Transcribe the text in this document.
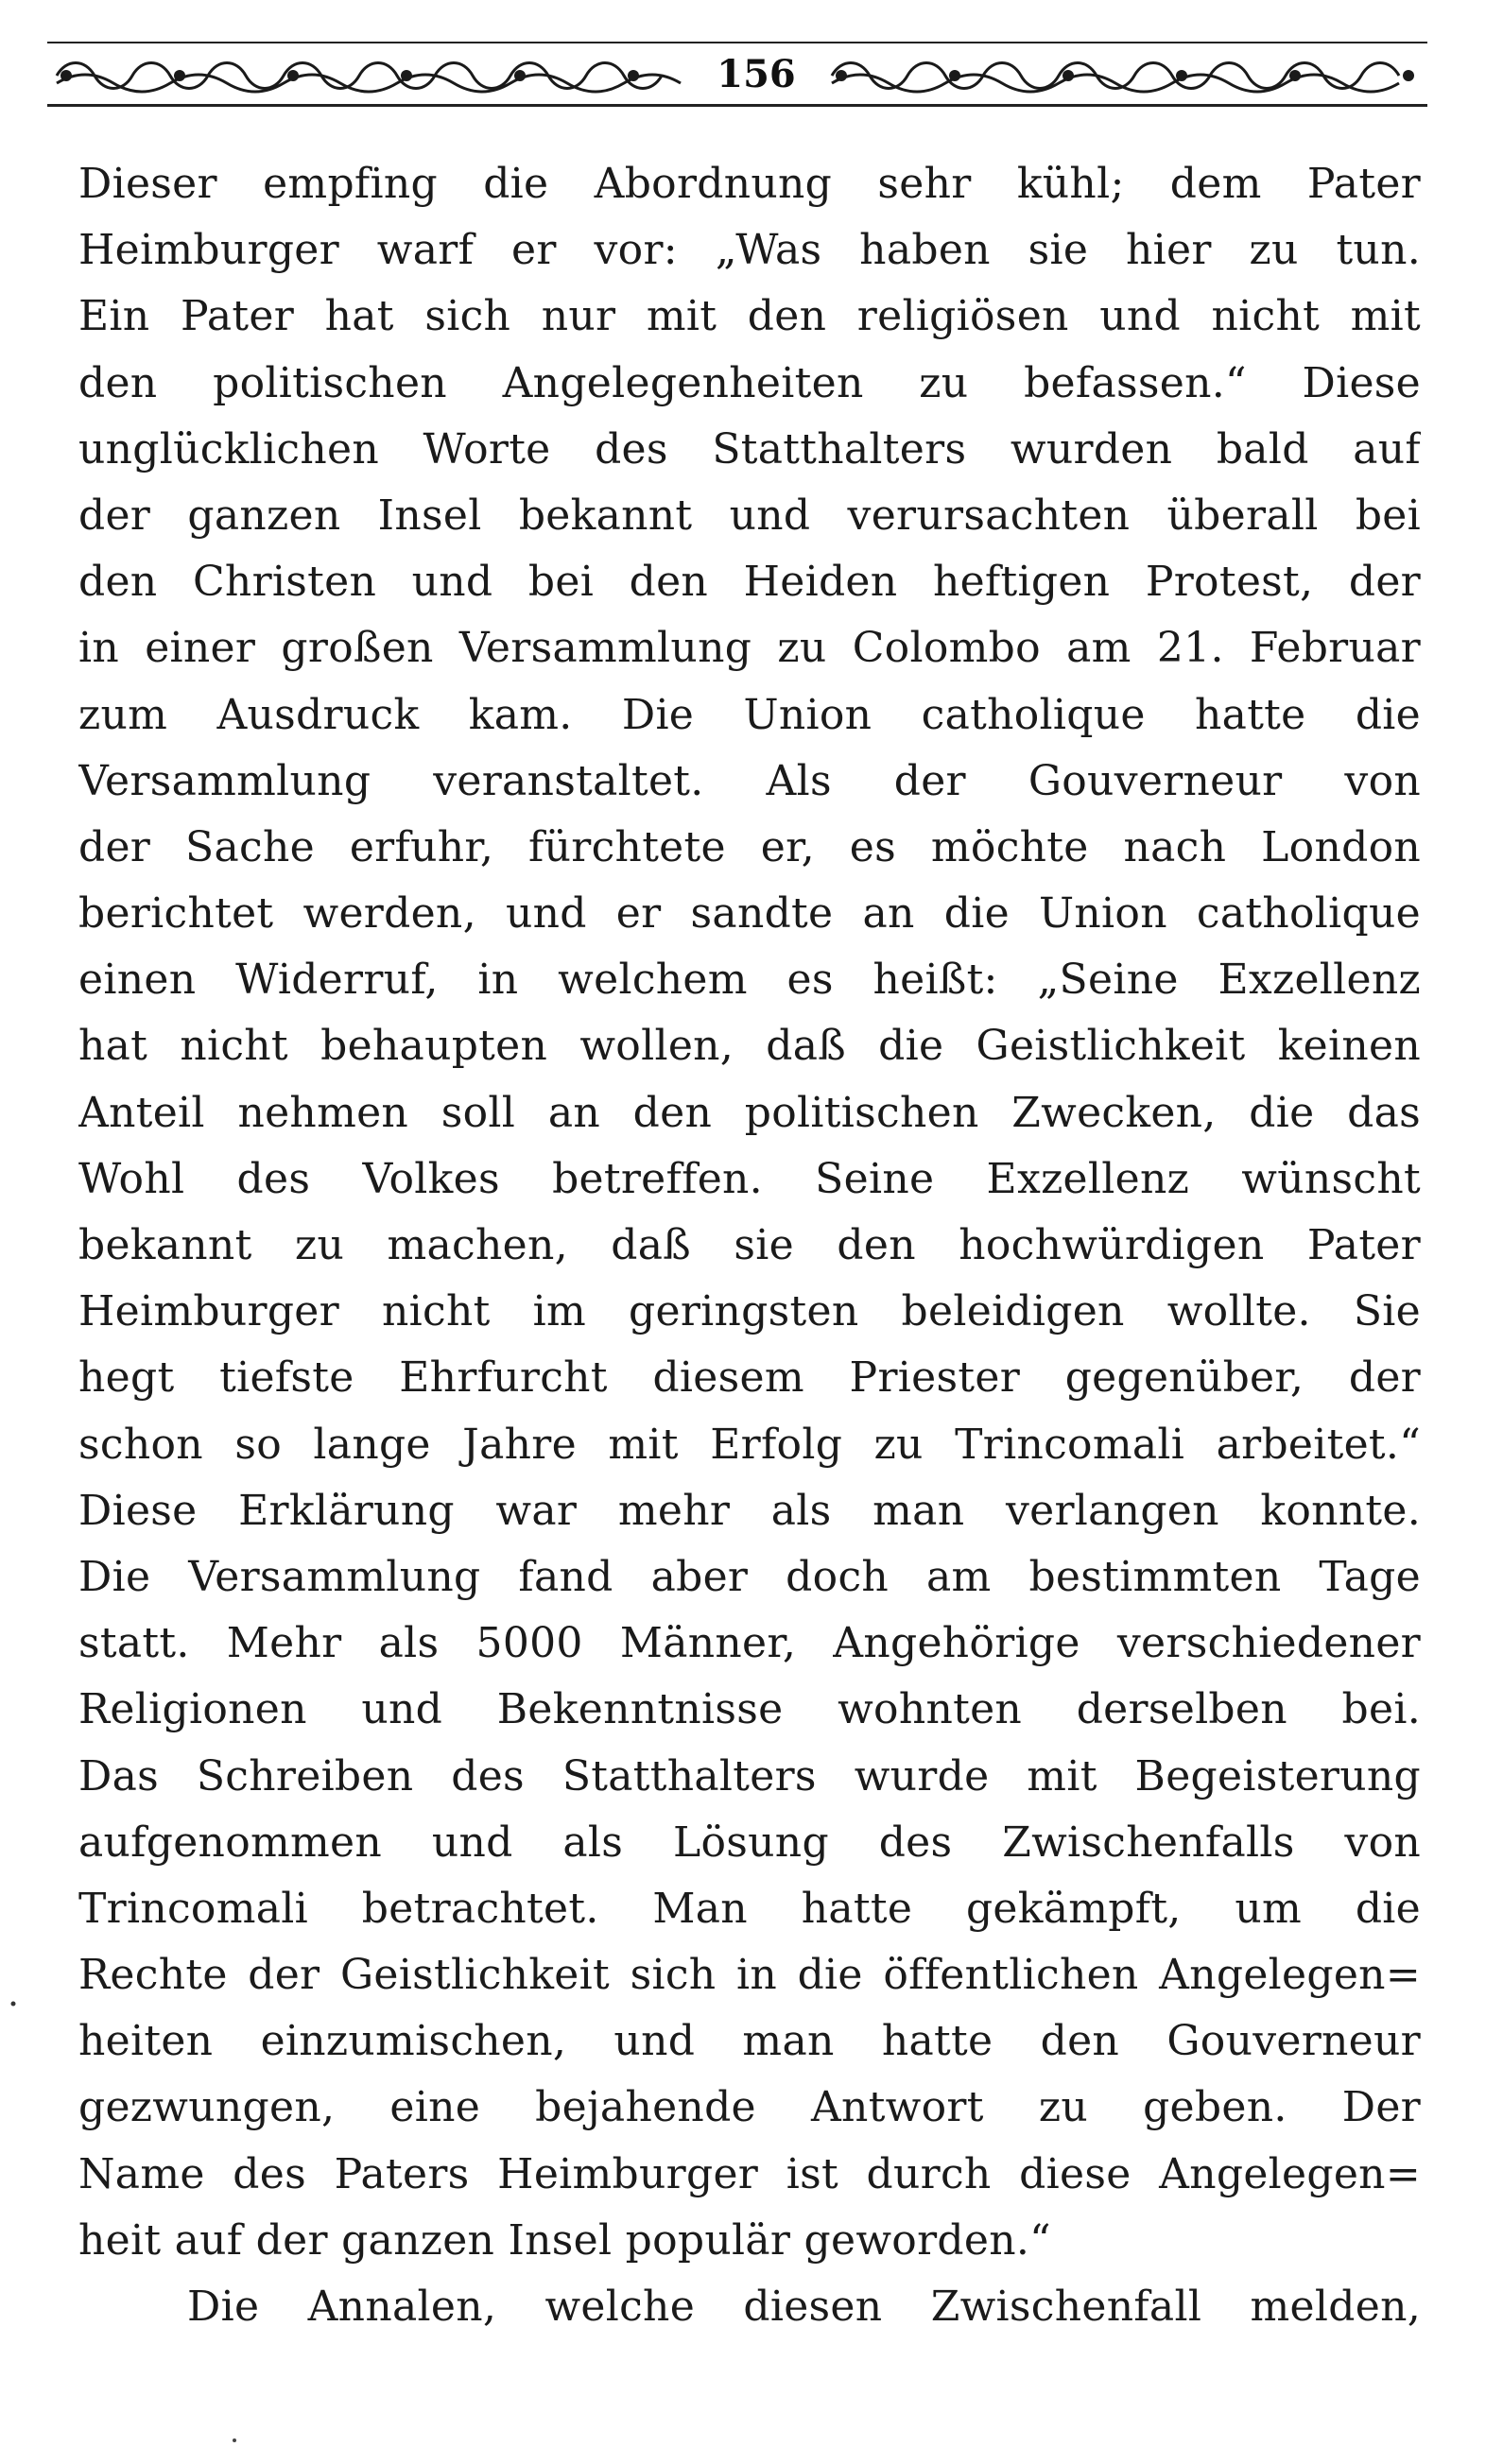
156
Dieser empfing die Abordnung sehr kühl; dem Pater
Heimburger warf er vor: „Was haben sie hier zu tun.
Ein Pater hat sich nur mit den religiösen und nicht mit
den politischen Angelegenheiten zu befassen.“ Diese
unglücklichen Worte des Statthalters wurden bald auf
der ganzen Insel bekannt und verursachten überall bei
den Christen und bei den Heiden heftigen Protest, der
in einer großen Versammlung zu Colombo am 21. Februar
zum Ausdruck kam. Die Union catholique hatte die
Versammlung veranstaltet. Als der Gouverneur von
der Sache erfuhr, fürchtete er, es möchte nach London
berichtet werden, und er sandte an die Union catholique
einen Widerruf, in welchem es heißt: „Seine Exzellenz
hat nicht behaupten wollen, daß die Geistlichkeit keinen
Anteil nehmen soll an den politischen Zwecken, die das
Wohl des Volkes betreffen. Seine Exzellenz wünscht
bekannt zu machen, daß sie den hochwürdigen Pater
Heimburger nicht im geringsten beleidigen wollte. Sie
hegt tiefste Ehrfurcht diesem Priester gegenüber, der
schon so lange Jahre mit Erfolg zu Trincomali arbeitet.“
Diese Erklärung war mehr als man verlangen konnte.
Die Versammlung fand aber doch am bestimmten Tage
statt. Mehr als 5000 Männer, Angehörige verschiedener
Religionen und Bekenntnisse wohnten derselben bei.
Das Schreiben des Statthalters wurde mit Begeisterung
aufgenommen und als Lösung des Zwischenfalls von
Trincomali betrachtet. Man hatte gekämpft, um die
Rechte der Geistlichkeit sich in die öffentlichen Angelegen=
heiten einzumischen, und man hatte den Gouverneur
gezwungen, eine bejahende Antwort zu geben. Der
Name des Paters Heimburger ist durch diese Angelegen=
heit auf der ganzen Insel populär geworden.“
Die Annalen, welche diesen Zwischenfall melden,
